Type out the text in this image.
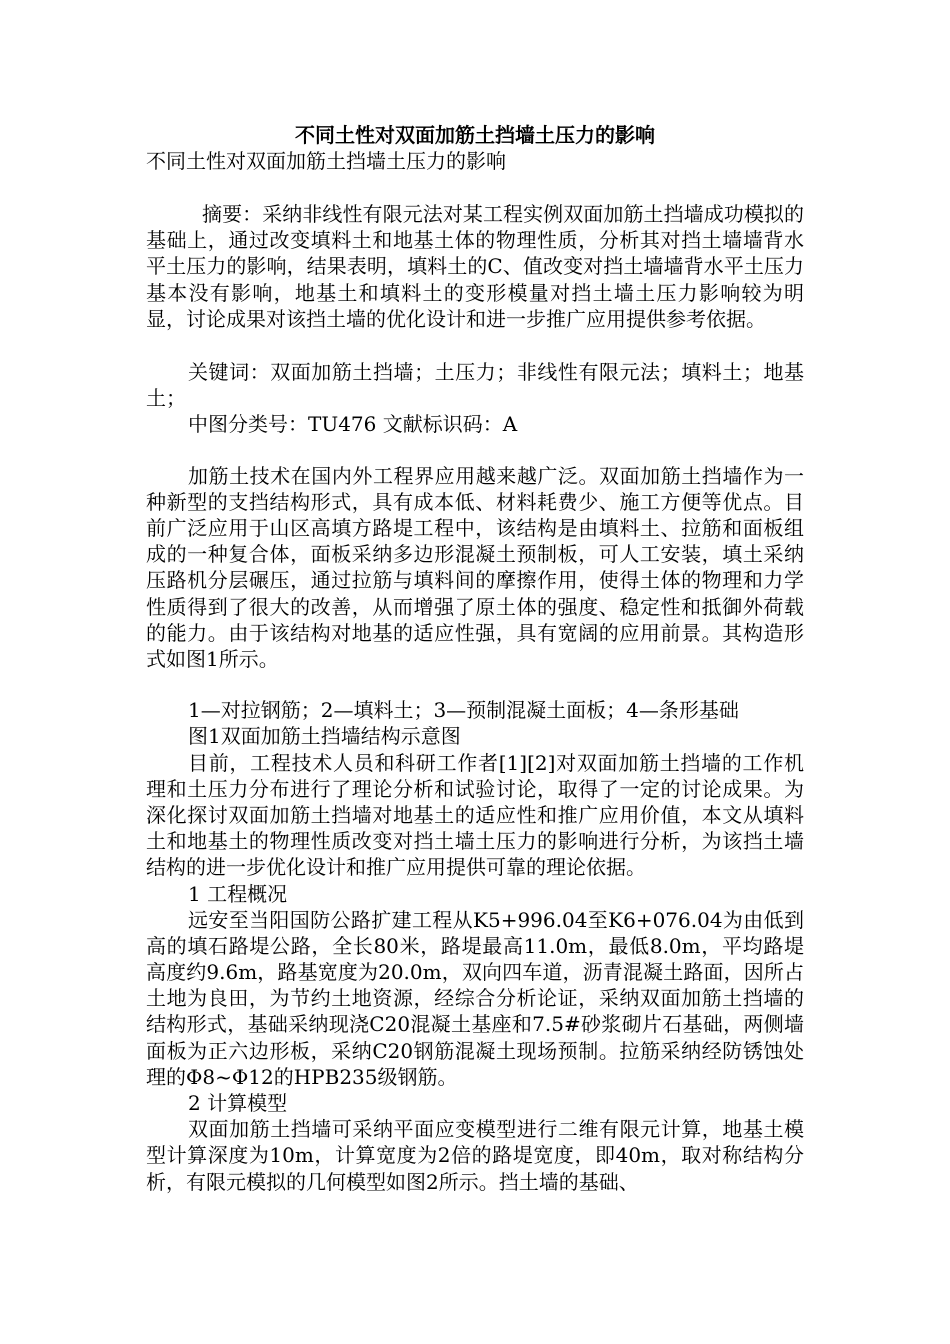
不同土性对双面加筋土挡墙土压力的影响

不同土性对双面加筋土挡墙土压力的影响

摘要：采纳非线性有限元法对某工程实例双面加筋土挡墙成功模拟的基础上，通过改变填料土和地基土体的物理性质，分析其对挡土墙墙背水平土压力的影响，结果表明，填料土的C、值改变对挡土墙墙背水平土压力基本没有影响，地基土和填料土的变形模量对挡土墙土压力影响较为明显，讨论成果对该挡土墙的优化设计和进一步推广应用提供参考依据。

关键词：双面加筋土挡墙；土压力；非线性有限元法；填料土；地基土；

中图分类号：TU476 文献标识码：A

加筋土技术在国内外工程界应用越来越广泛。双面加筋土挡墙作为一种新型的支挡结构形式，具有成本低、材料耗费少、施工方便等优点。目前广泛应用于山区高填方路堤工程中，该结构是由填料土、拉筋和面板组成的一种复合体，面板采纳多边形混凝土预制板，可人工安装，填土采纳压路机分层碾压，通过拉筋与填料间的摩擦作用，使得土体的物理和力学性质得到了很大的改善，从而增强了原土体的强度、稳定性和抵御外荷载的能力。由于该结构对地基的适应性强，具有宽阔的应用前景。其构造形式如图1所示。

1—对拉钢筋；2—填料土；3—预制混凝土面板；4—条形基础

图1双面加筋土挡墙结构示意图

目前，工程技术人员和科研工作者[1][2]对双面加筋土挡墙的工作机理和土压力分布进行了理论分析和试验讨论，取得了一定的讨论成果。为深化探讨双面加筋土挡墙对地基土的适应性和推广应用价值，本文从填料土和地基土的物理性质改变对挡土墙土压力的影响进行分析，为该挡土墙结构的进一步优化设计和推广应用提供可靠的理论依据。

1 工程概况

远安至当阳国防公路扩建工程从K5+996.04至K6+076.04为由低到高的填石路堤公路，全长80米，路堤最高11.0m，最低8.0m，平均路堤高度约9.6m，路基宽度为20.0m，双向四车道，沥青混凝土路面，因所占土地为良田，为节约土地资源，经综合分析论证，采纳双面加筋土挡墙的结构形式，基础采纳现浇C20混凝土基座和7.5#砂浆砌片石基础，两侧墙面板为正六边形板，采纳C20钢筋混凝土现场预制。拉筋采纳经防锈蚀处理的Φ8~Φ12的HPB235级钢筋。

2 计算模型

双面加筋土挡墙可采纳平面应变模型进行二维有限元计算，地基土模型计算深度为10m，计算宽度为2倍的路堤宽度，即40m，取对称结构分析，有限元模拟的几何模型如图2所示。挡土墙的基础、
